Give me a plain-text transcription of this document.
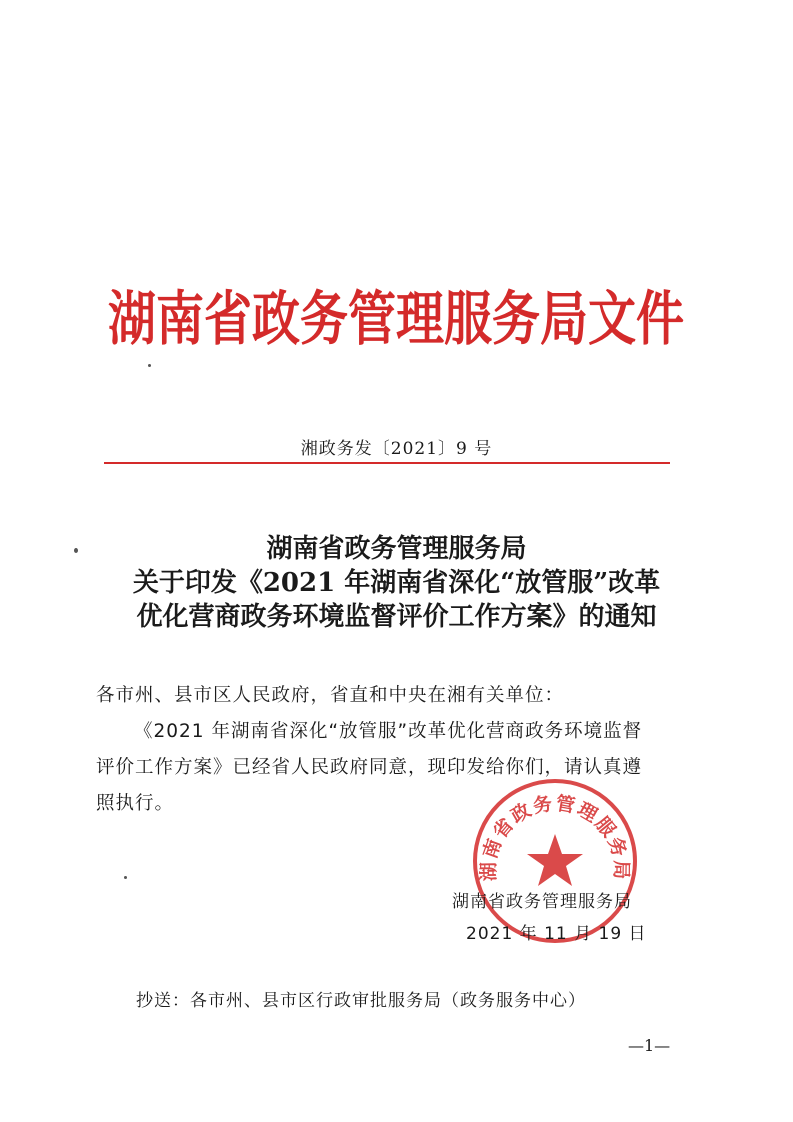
湖南省政务管理服务局文件
湘政务发〔2021〕9 号
湖南省政务管理服务局
关于印发《2021 年湖南省深化“放管服”改革
优化营商政务环境监督评价工作方案》的通知
各市州、县市区人民政府，省直和中央在湘有关单位：
《2021 年湖南省深化“放管服”改革优化营商政务环境监督
评价工作方案》已经省人民政府同意，现印发给你们，请认真遵
照执行。
湖南省政务管理服务局
湖南省政务管理服务局
2021 年 11 月 19 日
抄送：各市州、县市区行政审批服务局（政务服务中心）
—1—
